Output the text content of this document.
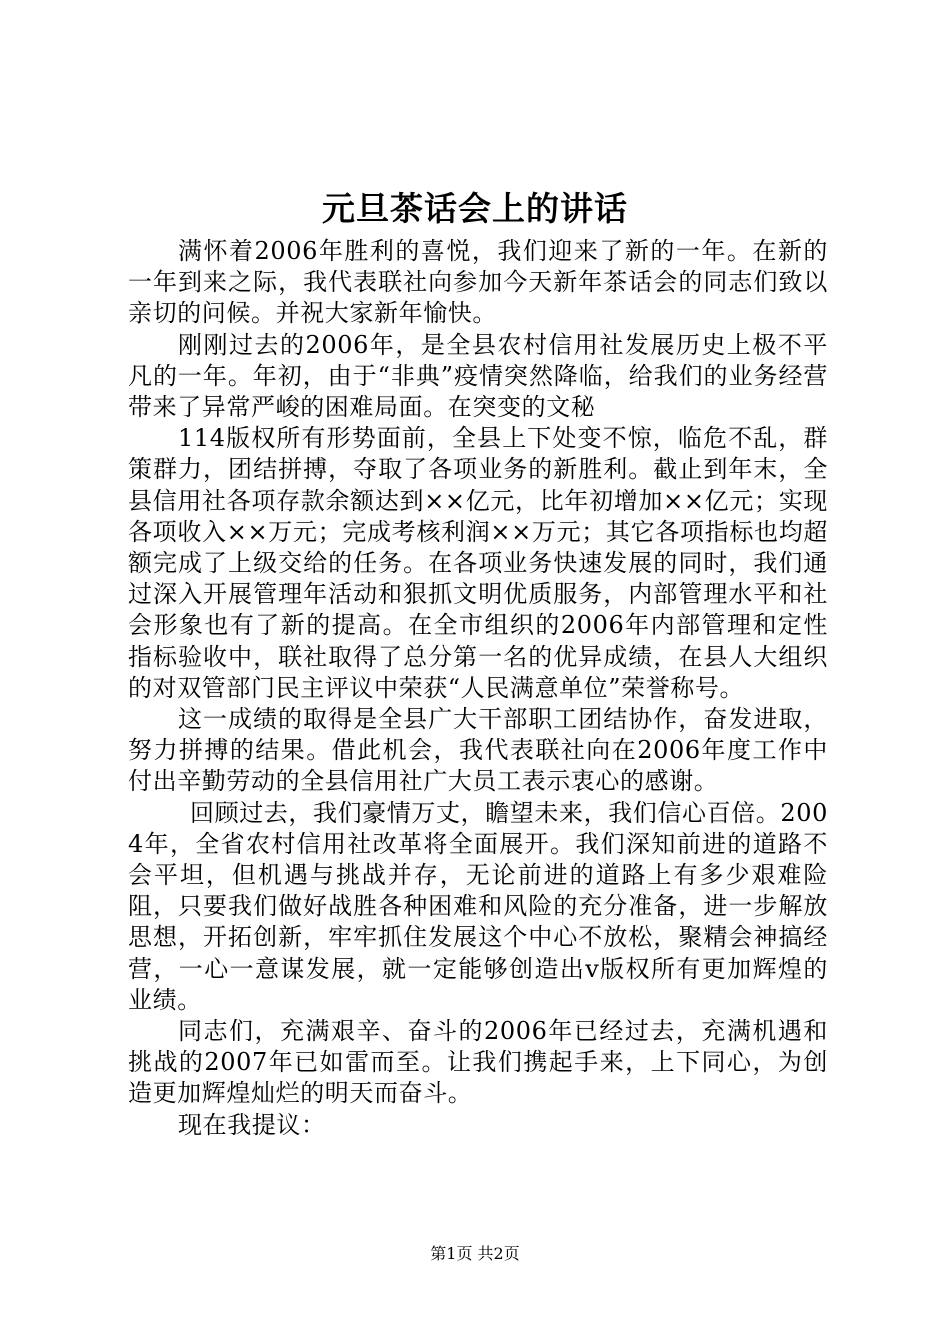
元旦茶话会上的讲话

满怀着2006年胜利的喜悦，我们迎来了新的一年。在新的一年到来之际，我代表联社向参加今天新年茶话会的同志们致以亲切的问候。并祝大家新年愉快。

刚刚过去的2006年，是全县农村信用社发展历史上极不平凡的一年。年初，由于“非典”疫情突然降临，给我们的业务经营带来了异常严峻的困难局面。在突变的文秘

114版权所有形势面前，全县上下处变不惊，临危不乱，群策群力，团结拼搏，夺取了各项业务的新胜利。截止到年末，全县信用社各项存款余额达到××亿元，比年初增加××亿元；实现各项收入××万元；完成考核利润××万元；其它各项指标也均超额完成了上级交给的任务。在各项业务快速发展的同时，我们通过深入开展管理年活动和狠抓文明优质服务，内部管理水平和社会形象也有了新的提高。在全市组织的2006年内部管理和定性指标验收中，联社取得了总分第一名的优异成绩，在县人大组织的对双管部门民主评议中荣获“人民满意单位”荣誉称号。

这一成绩的取得是全县广大干部职工团结协作，奋发进取，努力拼搏的结果。借此机会，我代表联社向在2006年度工作中付出辛勤劳动的全县信用社广大员工表示衷心的感谢。

回顾过去，我们豪情万丈，瞻望未来，我们信心百倍。2004年，全省农村信用社改革将全面展开。我们深知前进的道路不会平坦，但机遇与挑战并存，无论前进的道路上有多少艰难险阻，只要我们做好战胜各种困难和风险的充分准备，进一步解放思想，开拓创新，牢牢抓住发展这个中心不放松，聚精会神搞经营，一心一意谋发展，就一定能够创造出v版权所有更加辉煌的业绩。

同志们，充满艰辛、奋斗的2006年已经过去，充满机遇和挑战的2007年已如雷而至。让我们携起手来，上下同心，为创造更加辉煌灿烂的明天而奋斗。

现在我提议：

第1页 共2页
